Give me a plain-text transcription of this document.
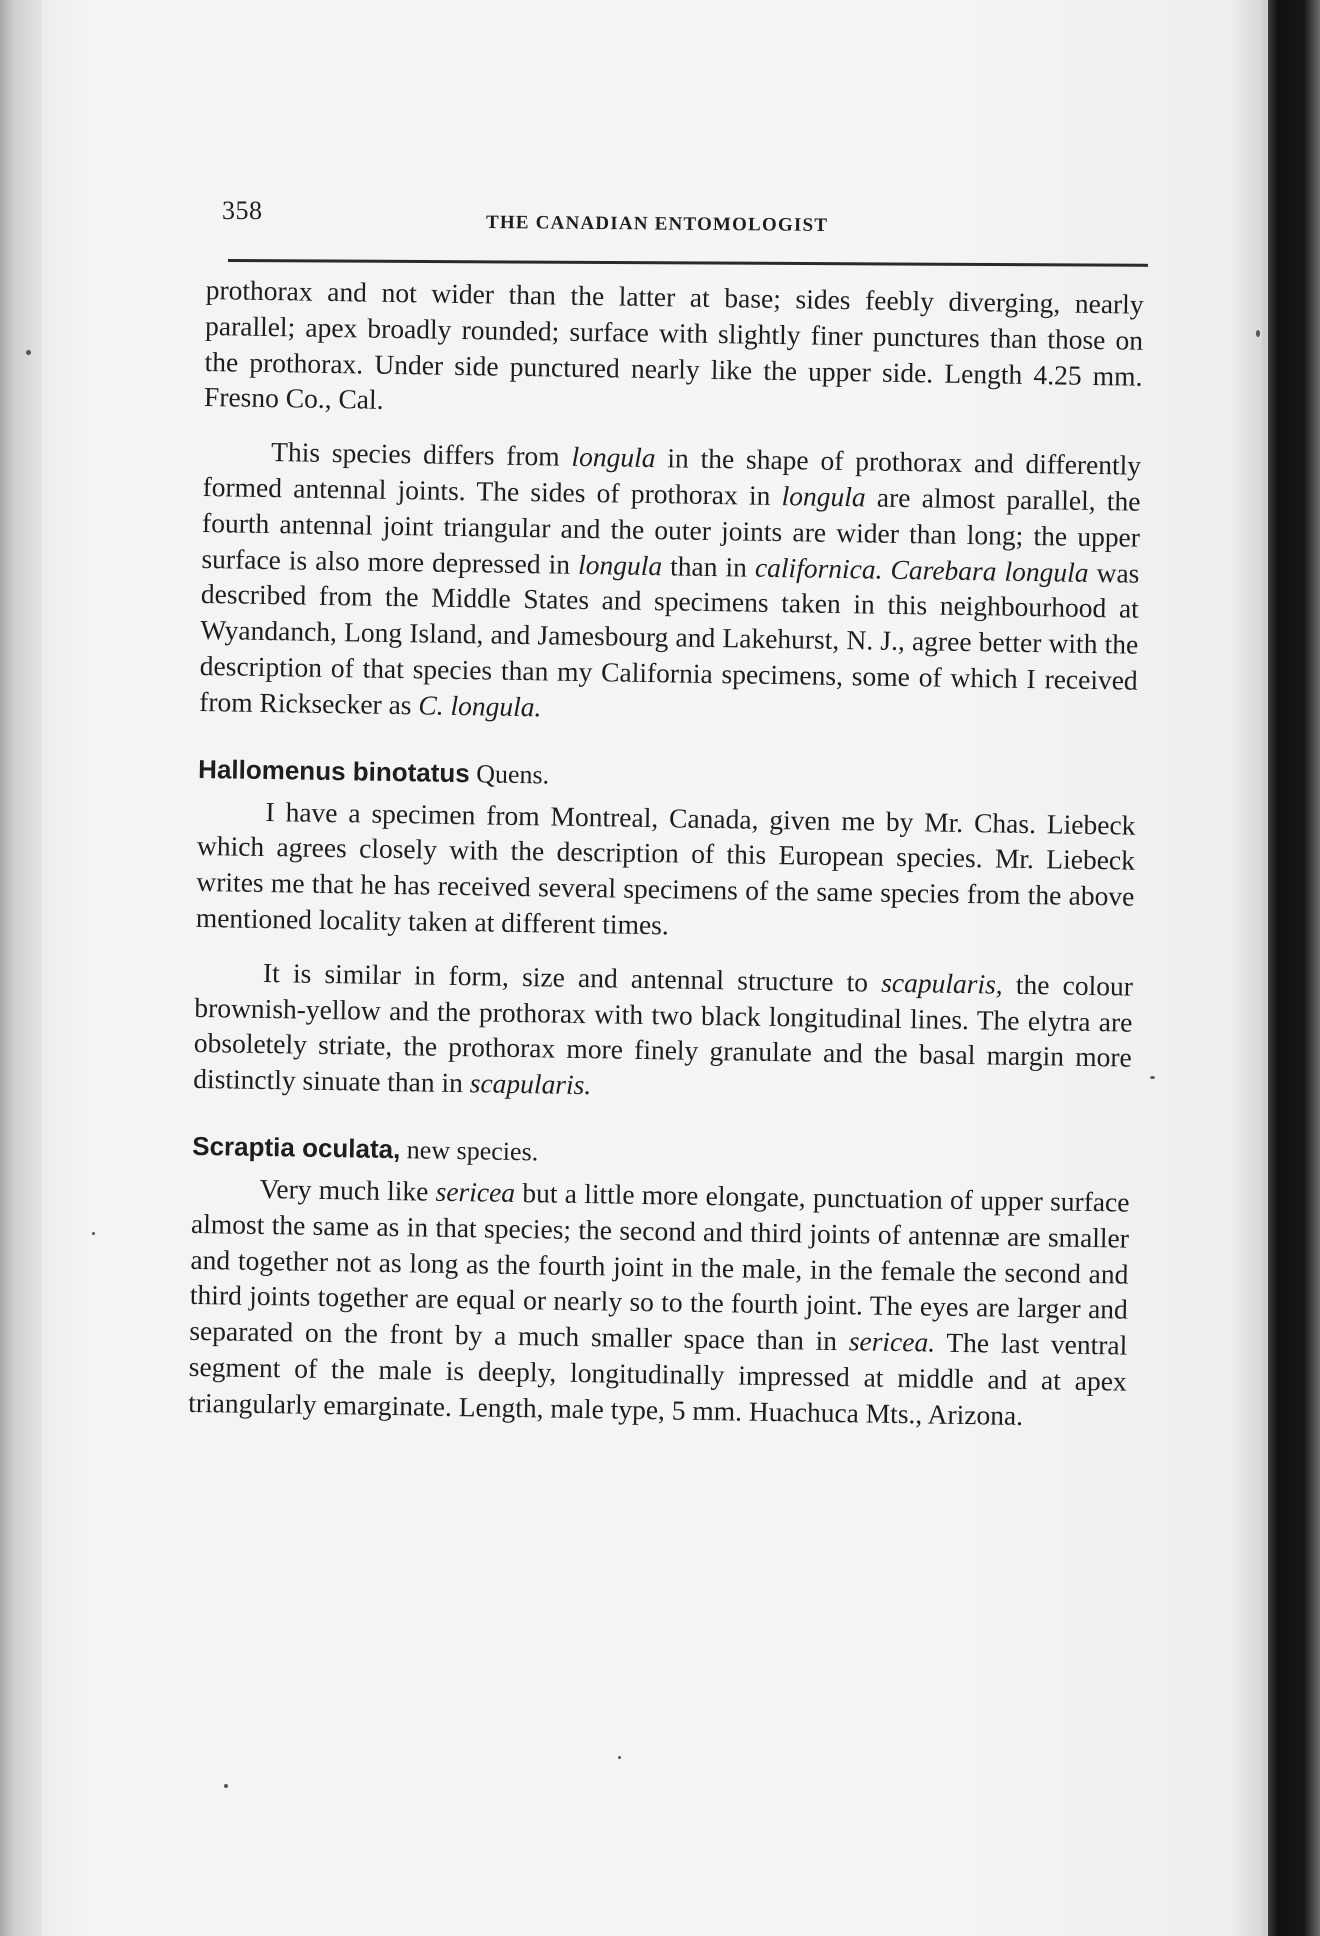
358	THE CANADIAN ENTOMOLOGIST

prothorax and not wider than the latter at base; sides feebly diverging, nearly parallel; apex broadly rounded; surface with slightly finer punctures than those on the prothorax. Under side punctured nearly like the upper side. Length 4.25 mm. Fresno Co., Cal.

This species differs from longula in the shape of prothorax and differently formed antennal joints. The sides of prothorax in longula are almost parallel, the fourth antennal joint triangular and the outer joints are wider than long; the upper surface is also more depressed in longula than in californica. Carebara longula was described from the Middle States and specimens taken in this neighbourhood at Wyandanch, Long Island, and Jamesbourg and Lakehurst, N. J., agree better with the description of that species than my California specimens, some of which I received from Ricksecker as C. longula.

Hallomenus binotatus Quens.

I have a specimen from Montreal, Canada, given me by Mr. Chas. Liebeck which agrees closely with the description of this European species. Mr. Liebeck writes me that he has received several specimens of the same species from the above mentioned locality taken at different times.

It is similar in form, size and antennal structure to scapularis, the colour brownish-yellow and the prothorax with two black longitudinal lines. The elytra are obsoletely striate, the prothorax more finely granulate and the basal margin more distinctly sinuate than in scapularis.

Scraptia oculata, new species.

Very much like sericea but a little more elongate, punctuation of upper surface almost the same as in that species; the second and third joints of antennæ are smaller and together not as long as the fourth joint in the male, in the female the second and third joints together are equal or nearly so to the fourth joint. The eyes are larger and separated on the front by a much smaller space than in sericea. The last ventral segment of the male is deeply, longitudinally impressed at middle and at apex triangularly emarginate. Length, male type, 5 mm. Huachuca Mts., Arizona.
